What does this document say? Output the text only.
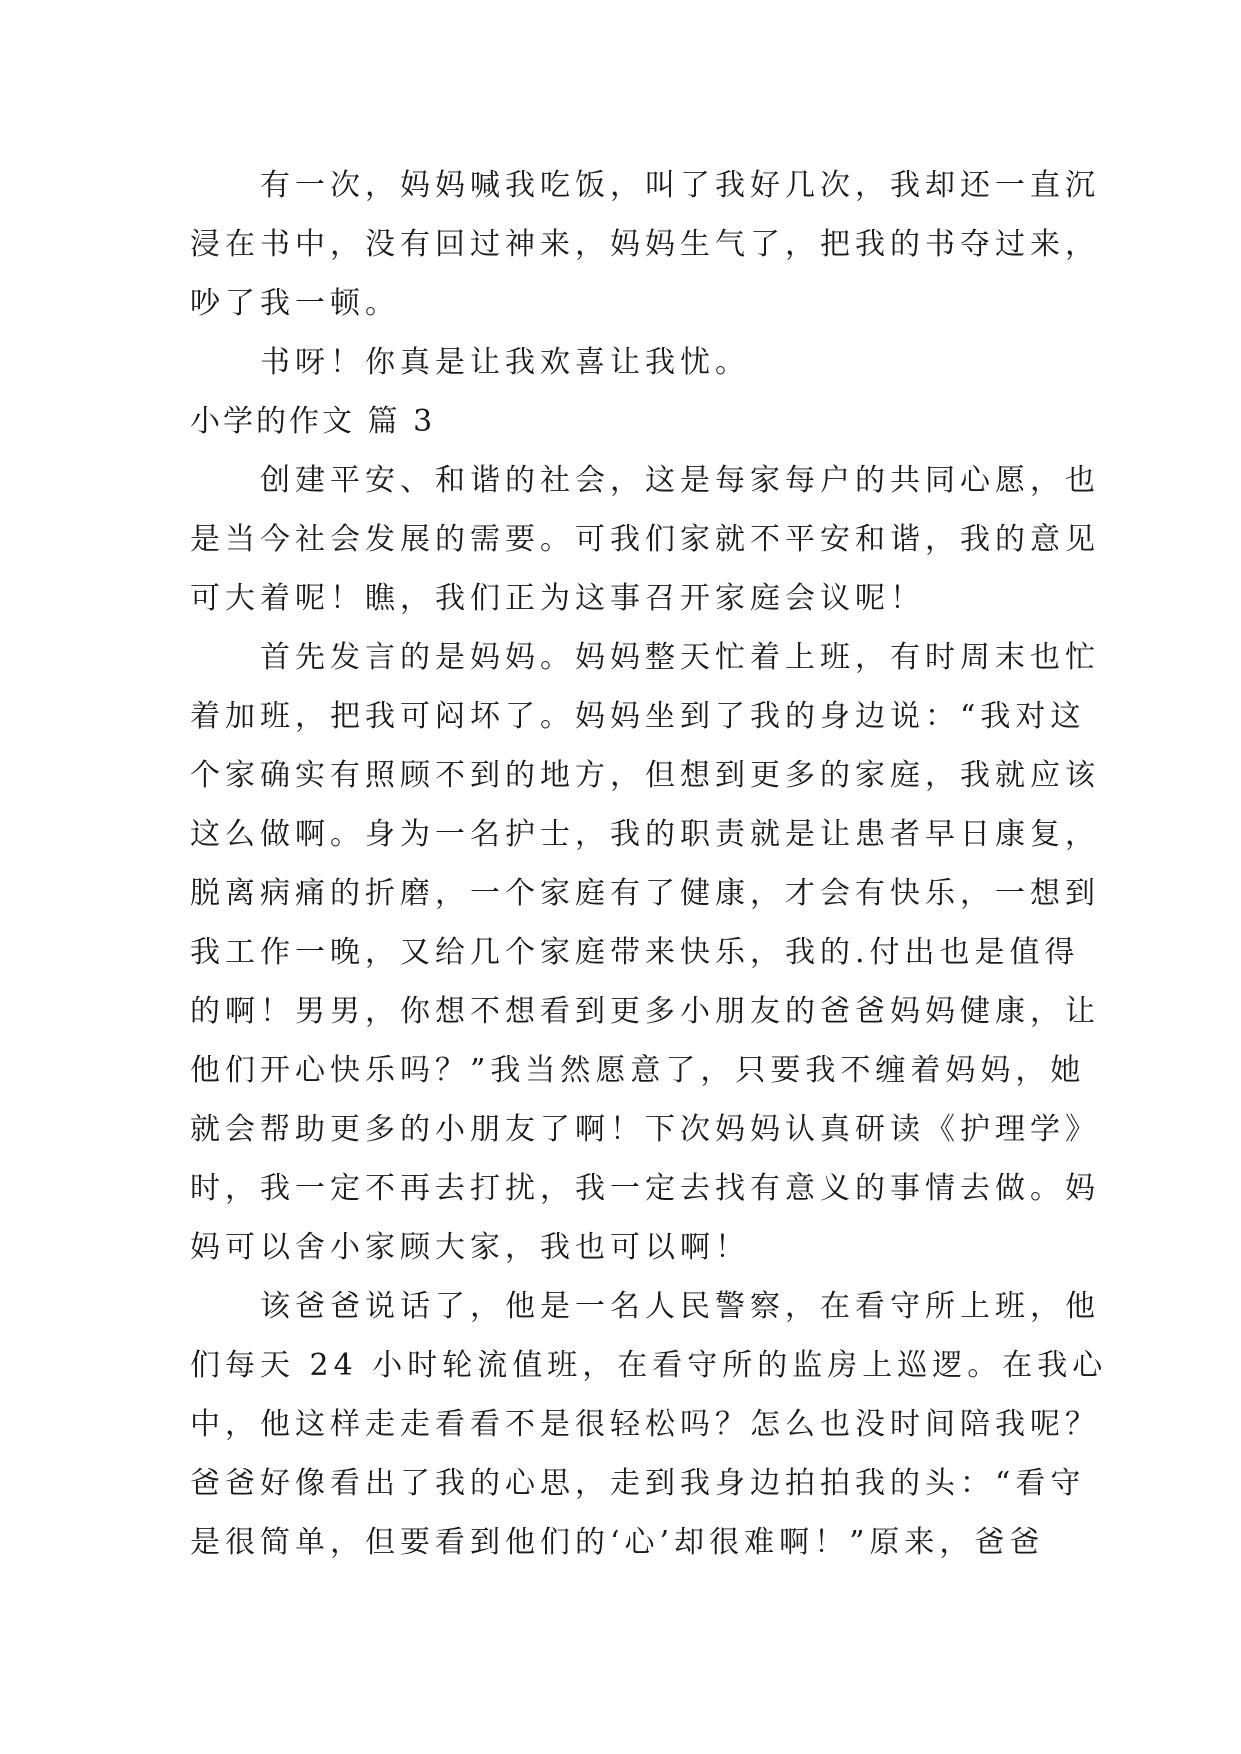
有一次，妈妈喊我吃饭，叫了我好几次，我却还一直沉
浸在书中，没有回过神来，妈妈生气了，把我的书夺过来，
吵了我一顿。
书呀！你真是让我欢喜让我忧。
小学的作文 篇 3
创建平安、和谐的社会，这是每家每户的共同心愿，也
是当今社会发展的需要。可我们家就不平安和谐，我的意见
可大着呢！瞧，我们正为这事召开家庭会议呢！
首先发言的是妈妈。妈妈整天忙着上班，有时周末也忙
着加班，把我可闷坏了。妈妈坐到了我的身边说：“我对这
个家确实有照顾不到的地方，但想到更多的家庭，我就应该
这么做啊。身为一名护士，我的职责就是让患者早日康复，
脱离病痛的折磨，一个家庭有了健康，才会有快乐，一想到
我工作一晚，又给几个家庭带来快乐，我的.付出也是值得
的啊！男男，你想不想看到更多小朋友的爸爸妈妈健康，让
他们开心快乐吗？”我当然愿意了，只要我不缠着妈妈，她
就会帮助更多的小朋友了啊！下次妈妈认真研读《护理学》
时，我一定不再去打扰，我一定去找有意义的事情去做。妈
妈可以舍小家顾大家，我也可以啊！
该爸爸说话了，他是一名人民警察，在看守所上班，他
们每天 24 小时轮流值班，在看守所的监房上巡逻。在我心
中，他这样走走看看不是很轻松吗？怎么也没时间陪我呢？
爸爸好像看出了我的心思，走到我身边拍拍我的头：“看守
是很简单，但要看到他们的‘心’却很难啊！”原来，爸爸
